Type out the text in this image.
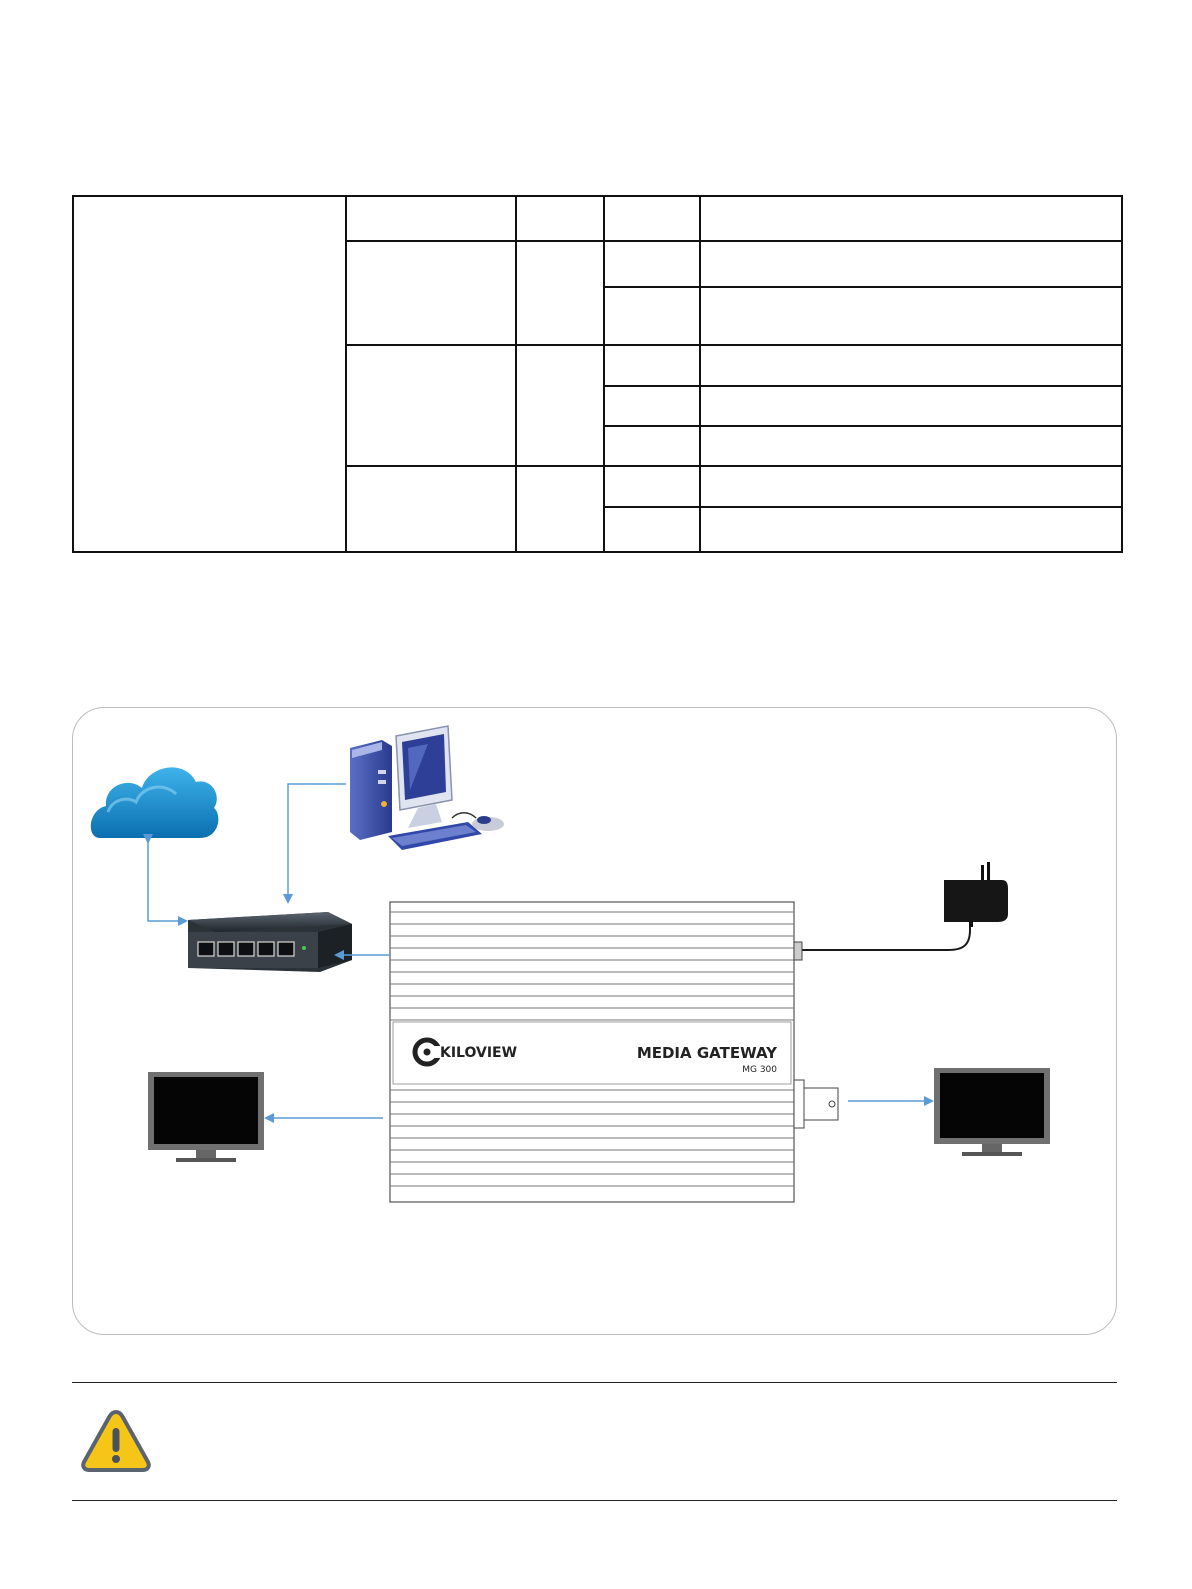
KILOVIEW	MEDIA GATEWAY
MG 300
